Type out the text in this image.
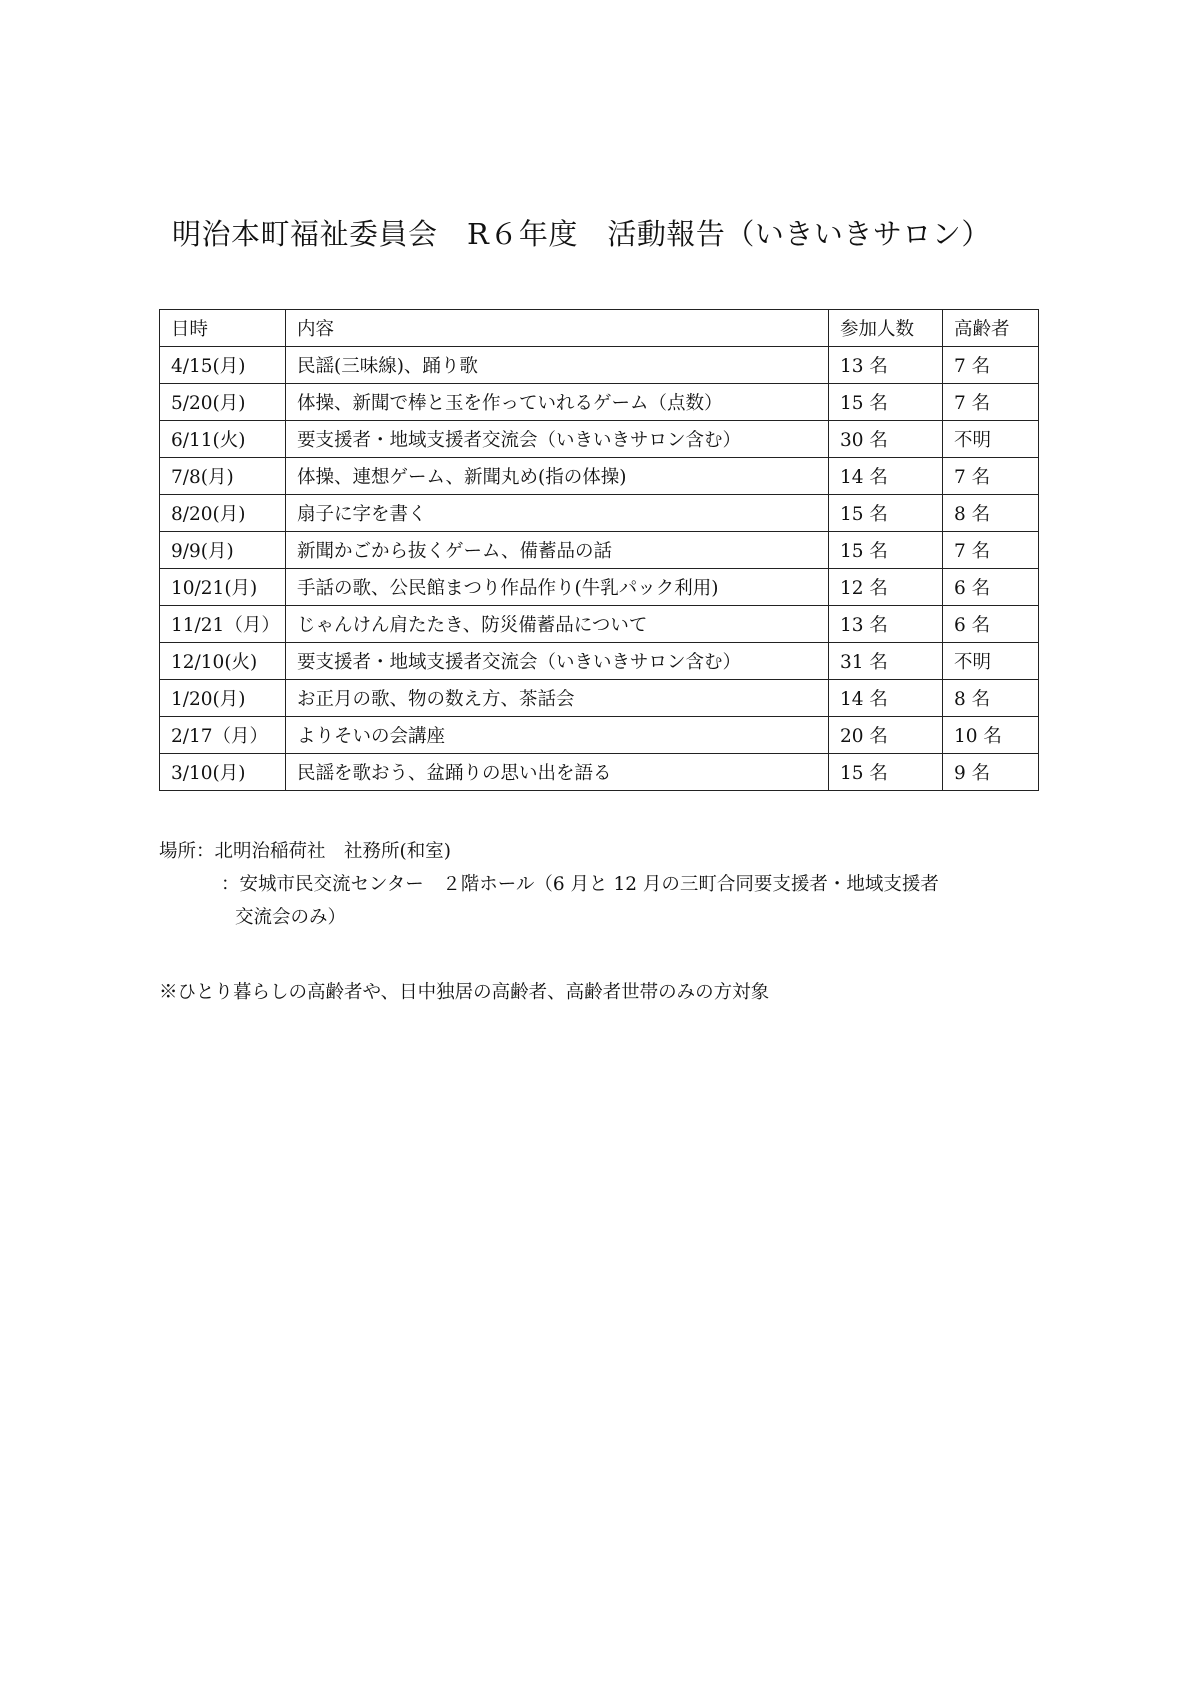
明治本町福祉委員会　R６年度　活動報告（いきいきサロン）
日時	内容	参加人数	高齢者
4/15(月)	民謡(三味線)、踊り歌	13 名	7 名
5/20(月)	体操、新聞で棒と玉を作っていれるゲーム（点数）	15 名	7 名
6/11(火)	要支援者・地域支援者交流会（いきいきサロン含む）	30 名	不明
7/8(月)	体操、連想ゲーム、新聞丸め(指の体操)	14 名	7 名
8/20(月)	扇子に字を書く	15 名	8 名
9/9(月)	新聞かごから抜くゲーム、備蓄品の話	15 名	7 名
10/21(月)	手話の歌、公民館まつり作品作り(牛乳パック利用)	12 名	6 名
11/21（月）	じゃんけん肩たたき、防災備蓄品について	13 名	6 名
12/10(火)	要支援者・地域支援者交流会（いきいきサロン含む）	31 名	不明
1/20(月)	お正月の歌、物の数え方、茶話会	14 名	8 名
2/17（月）	よりそいの会講座	20 名	10 名
3/10(月)	民謡を歌おう、盆踊りの思い出を語る	15 名	9 名
場所：北明治稲荷社　社務所(和室)
：安城市民交流センター　２階ホール（6 月と 12 月の三町合同要支援者・地域支援者
交流会のみ）
※ひとり暮らしの高齢者や、日中独居の高齢者、高齢者世帯のみの方対象
